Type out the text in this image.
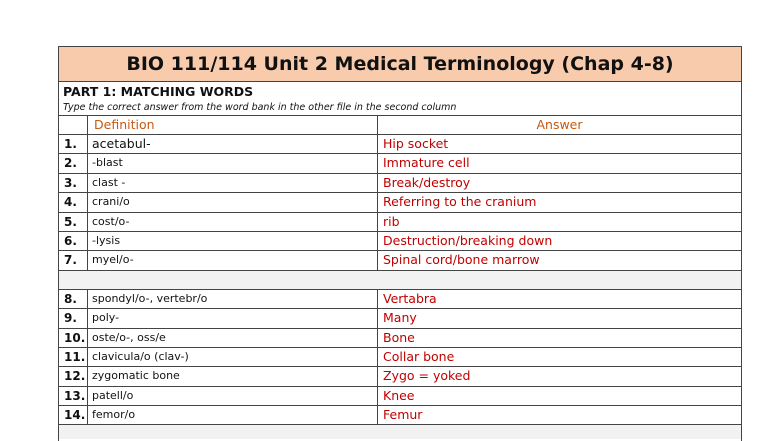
BIO 111/114 Unit 2 Medical Terminology (Chap 4-8)
PART 1: MATCHING WORDS
Type the correct answer from the word bank in the other file in the second column
Definition	Answer
1.	acetabul-	Hip socket
2.	-blast	Immature cell
3.	clast -	Break/destroy
4.	crani/o	Referring to the cranium
5.	cost/o-	rib
6.	-lysis	Destruction/breaking down
7.	myel/o-	Spinal cord/bone marrow
8.	spondyl/o-, vertebr/o	Vertabra
9.	poly-	Many
10. oste/o-, oss/e	Bone
11. clavicula/o (clav-)	Collar bone
12. zygomatic bone	Zygo = yoked
13. patell/o	Knee
14. femor/o	Femur
